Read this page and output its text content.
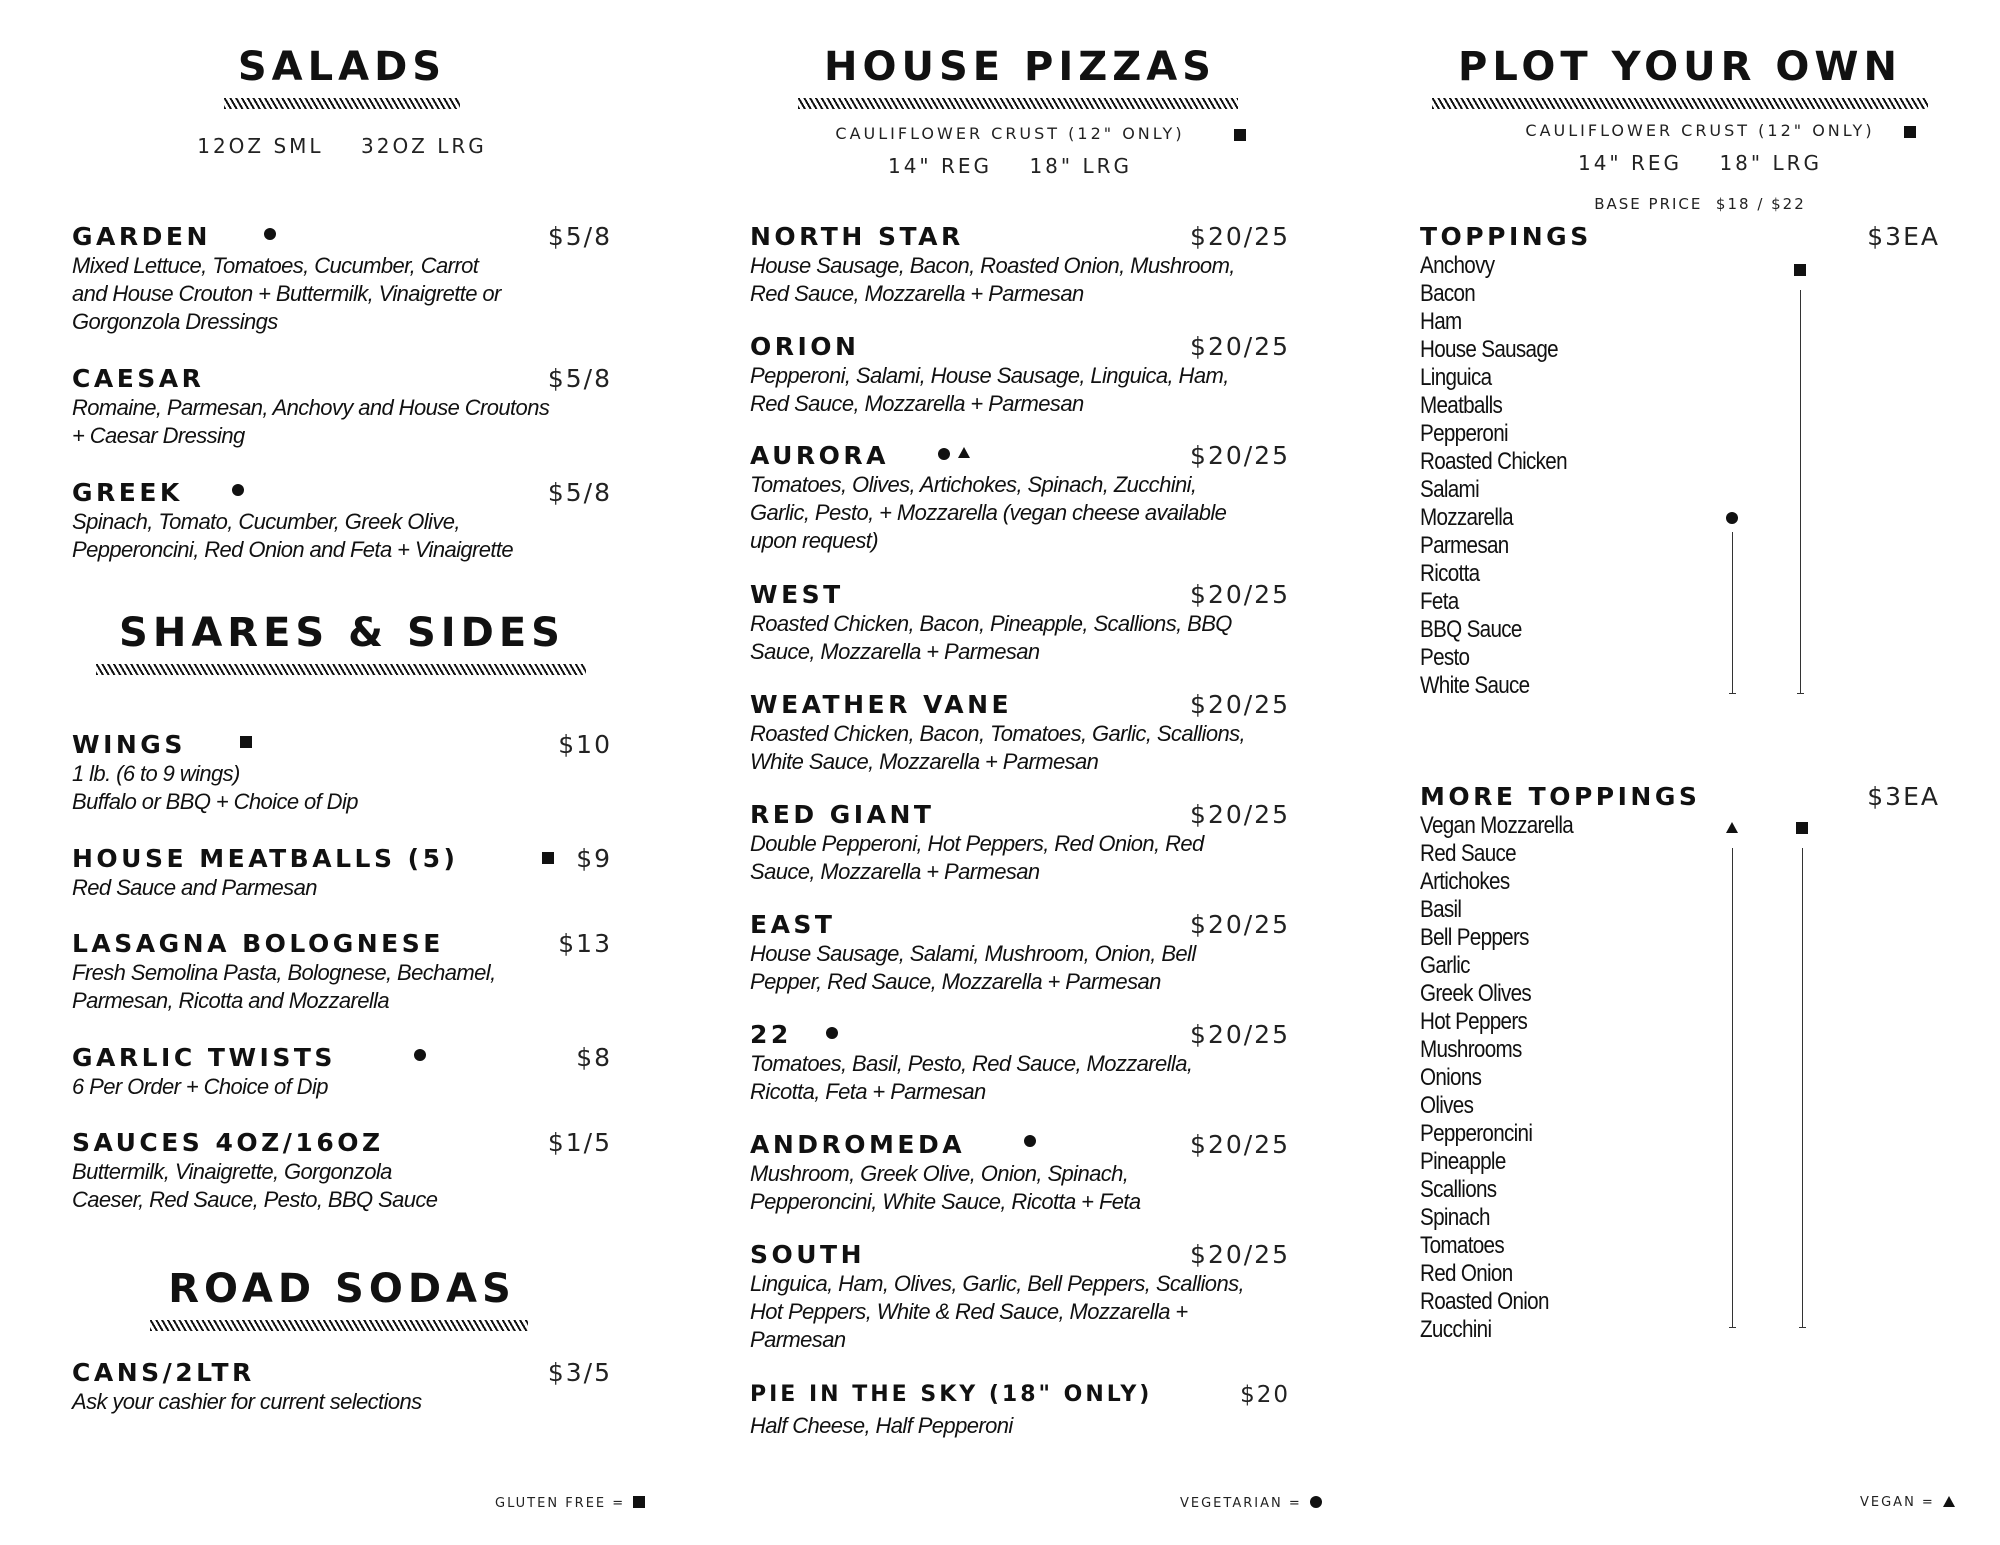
SALADS
12OZ SML    32OZ LRG
GARDEN	$5/8
Mixed Lettuce, Tomatoes, Cucumber, Carrot
and House Crouton + Buttermilk, Vinaigrette or
Gorgonzola Dressings
CAESAR	$5/8
Romaine, Parmesan, Anchovy and House Croutons
+ Caesar Dressing
GREEK	$5/8
Spinach, Tomato, Cucumber, Greek Olive,
Pepperoncini, Red Onion and Feta + Vinaigrette
SHARES & SIDES
WINGS	$10
1 lb. (6 to 9 wings)
Buffalo or BBQ + Choice of Dip
HOUSE MEATBALLS (5)	$9
Red Sauce and Parmesan
LASAGNA BOLOGNESE	$13
Fresh Semolina Pasta, Bolognese, Bechamel,
Parmesan, Ricotta and Mozzarella
GARLIC TWISTS	$8
6 Per Order + Choice of Dip
SAUCES 4OZ/16OZ	$1/5
Buttermilk, Vinaigrette, Gorgonzola
Caeser, Red Sauce, Pesto, BBQ Sauce
ROAD SODAS
CANS/2LTR	$3/5
Ask your cashier for current selections
GLUTEN FREE =
HOUSE PIZZAS
CAULIFLOWER CRUST (12" ONLY)
14" REG    18" LRG
NORTH STAR	$20/25
House Sausage, Bacon, Roasted Onion, Mushroom,
Red Sauce, Mozzarella + Parmesan
ORION	$20/25
Pepperoni, Salami, House Sausage, Linguica, Ham,
Red Sauce, Mozzarella + Parmesan
AURORA	$20/25
Tomatoes, Olives, Artichokes, Spinach, Zucchini,
Garlic, Pesto, + Mozzarella (vegan cheese available
upon request)
WEST	$20/25
Roasted Chicken, Bacon, Pineapple, Scallions, BBQ
Sauce, Mozzarella + Parmesan
WEATHER VANE	$20/25
Roasted Chicken, Bacon, Tomatoes, Garlic, Scallions,
White Sauce, Mozzarella + Parmesan
RED GIANT	$20/25
Double Pepperoni, Hot Peppers, Red Onion, Red
Sauce, Mozzarella + Parmesan
EAST	$20/25
House Sausage, Salami, Mushroom, Onion, Bell
Pepper, Red Sauce, Mozzarella + Parmesan
22	$20/25
Tomatoes, Basil, Pesto, Red Sauce, Mozzarella,
Ricotta, Feta + Parmesan
ANDROMEDA	$20/25
Mushroom, Greek Olive, Onion, Spinach,
Pepperoncini, White Sauce, Ricotta + Feta
SOUTH	$20/25
Linguica, Ham, Olives, Garlic, Bell Peppers, Scallions,
Hot Peppers, White & Red Sauce, Mozzarella +
Parmesan
PIE IN THE SKY (18" ONLY)	$20
Half Cheese, Half Pepperoni
VEGETARIAN =
PLOT YOUR OWN
CAULIFLOWER CRUST (12" ONLY)
14" REG    18" LRG
BASE PRICE  $18 / $22
TOPPINGS	$3EA
Anchovy
Bacon
Ham
House Sausage
Linguica
Meatballs
Pepperoni
Roasted Chicken
Salami
Mozzarella
Parmesan
Ricotta
Feta
BBQ Sauce
Pesto
White Sauce
MORE TOPPINGS	$3EA
Vegan Mozzarella
Red Sauce
Artichokes
Basil
Bell Peppers
Garlic
Greek Olives
Hot Peppers
Mushrooms
Onions
Olives
Pepperoncini
Pineapple
Scallions
Spinach
Tomatoes
Red Onion
Roasted Onion
Zucchini
VEGAN =
